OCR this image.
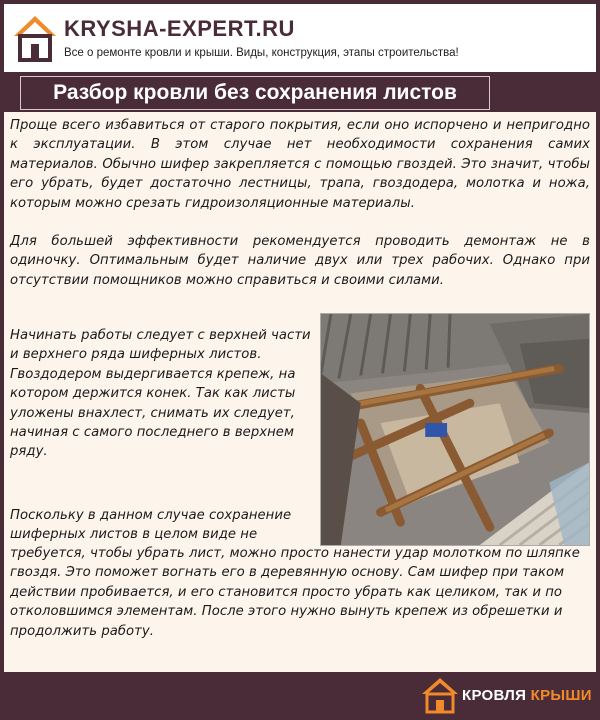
KRYSHA-EXPERT.RU
Все о ремонте кровли и крыши. Виды, конструкция, этапы строительства!
Разбор кровли без сохранения листов

Проще всего избавиться от старого покрытия, если оно испорчено и непригодно к эксплуатации. В этом случае нет необходимости сохранения самих материалов. Обычно шифер закрепляется с помощью гвоздей. Это значит, чтобы его убрать, будет достаточно лестницы, трапа, гвоздодера, молотка и ножа, которым можно срезать гидроизоляционные материалы.

Для большей эффективности рекомендуется проводить демонтаж не в одиночку. Оптимальным будет наличие двух или трех рабочих. Однако при отсутствии помощников можно справиться и своими силами.

Начинать работы следует с верхней части и верхнего ряда шиферных листов. Гвоздодером выдергивается крепеж, на котором держится конек. Так как листы уложены внахлест, снимать их следует, начиная с самого последнего в верхнем ряду.

Поскольку в данном случае сохранение шиферных листов в целом виде не

требуется, чтобы убрать лист, можно просто нанести удар молотком по шляпке гвоздя. Это поможет вогнать его в деревянную основу. Сам шифер при таком действии пробивается, и его становится просто убрать как целиком, так и по отколовшимся элементам. После этого нужно вынуть крепеж из обрешетки и продолжить работу.

КРОВЛЯ КРЫШИ
